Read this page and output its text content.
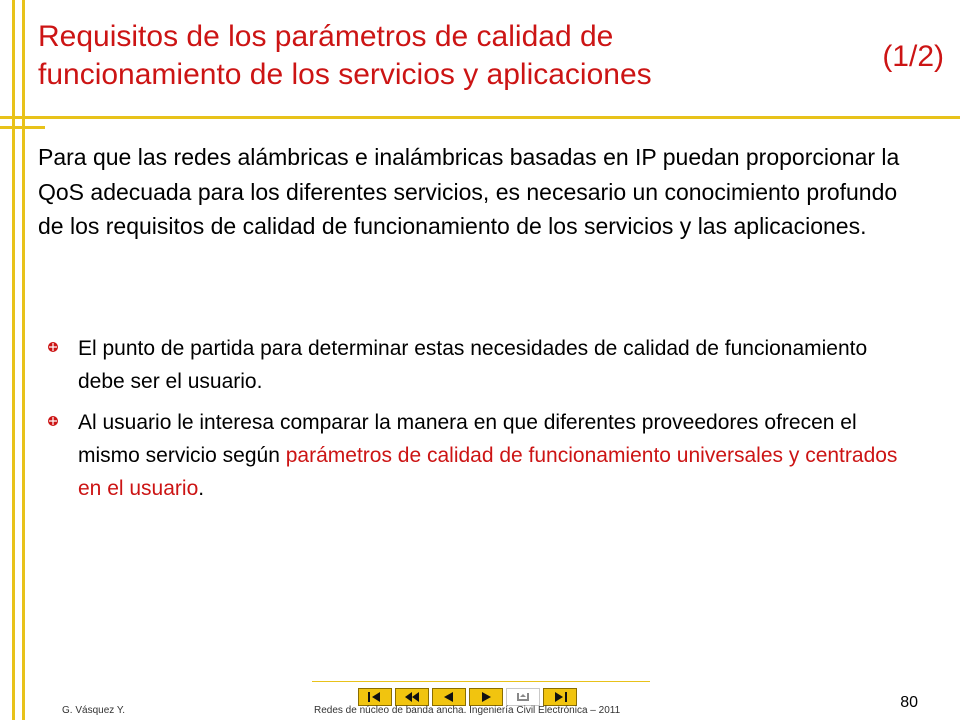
Requisitos de los parámetros de calidad de
funcionamiento de los servicios y aplicaciones
(1/2)
Para que las redes alámbricas e inalámbricas basadas en IP puedan proporcionar la QoS adecuada para los diferentes servicios, es necesario un conocimiento profundo de los requisitos de calidad de funcionamiento de los servicios y las aplicaciones.
El punto de partida para determinar estas necesidades de calidad de funcionamiento debe ser el usuario.
Al usuario le interesa comparar la manera en que diferentes proveedores ofrecen el mismo servicio según parámetros de calidad de funcionamiento universales y centrados en el usuario.
G. Vásquez Y.	Redes de núcleo de banda ancha. Ingeniería Civil Electrónica – 2011	80
